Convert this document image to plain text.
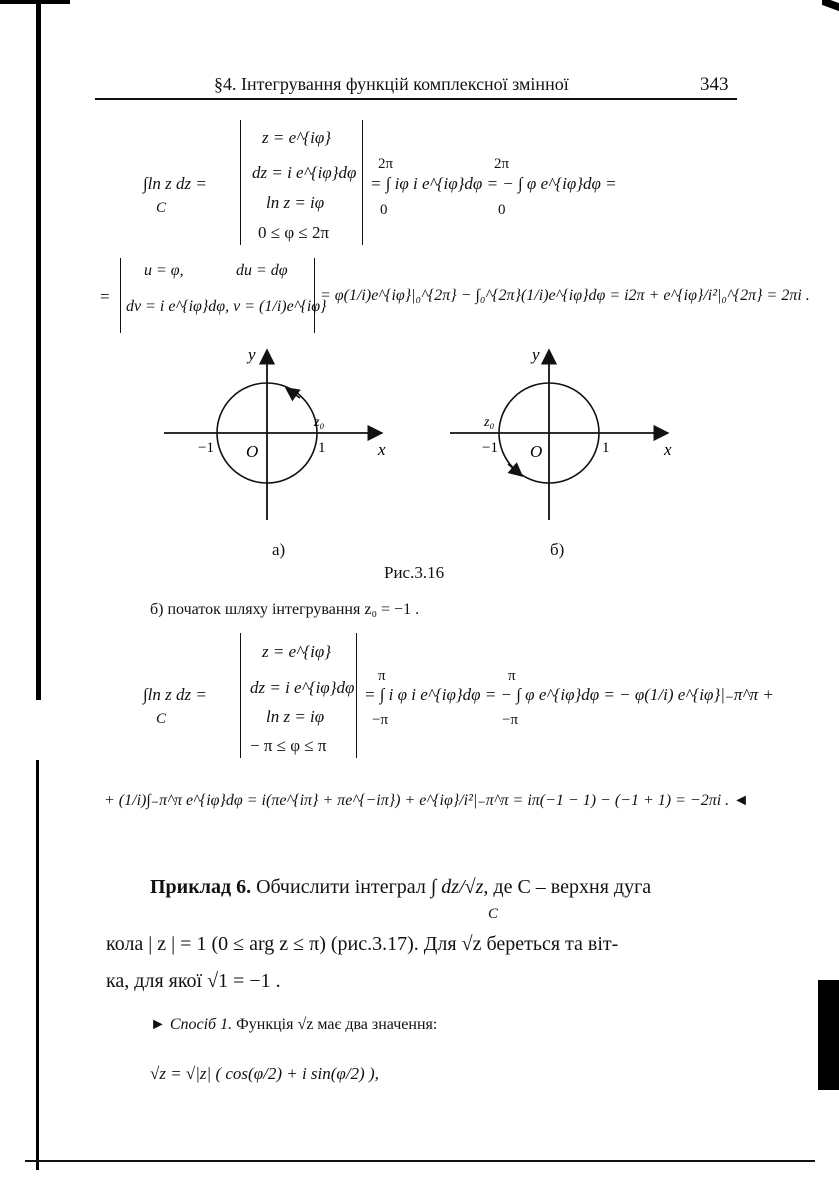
§4. Інтегрування функцій комплексної змінної	343
∫ln z dz =
C
z = e^{iφ}
dz = i e^{iφ}dφ
ln z = iφ
0 ≤ φ ≤ 2π
= ∫ iφ i e^{iφ}dφ = − ∫ φ e^{iφ}dφ =
2π	2π
0	0
=
u = φ,	du = dφ
dv = i e^{iφ}dφ, v = (1/i)e^{iφ}
= φ(1/i)e^{iφ}|₀^{2π} − ∫₀^{2π}(1/i)e^{iφ}dφ = i2π + e^{iφ}/i²|₀^{2π} = 2πi .
y
x
O
−1	1
z₀
y
x
O
−1	1
z₀
а)	б)
Рис.3.16
б) початок шляху інтегрування z₀ = −1 .
∫ln z dz =
C
z = e^{iφ}
dz = i e^{iφ}dφ
ln z = iφ
− π ≤ φ ≤ π
= ∫ i φ i e^{iφ}dφ = − ∫ φ e^{iφ}dφ = − φ(1/i) e^{iφ}|₋π^π +
π	π
−π	−π
+ (1/i)∫₋π^π e^{iφ}dφ = i(πe^{iπ} + πe^{−iπ}) + e^{iφ}/i²|₋π^π = iπ(−1 − 1) − (−1 + 1) = −2πi . ◄
Приклад 6. Обчислити інтеграл ∫ dz/√z, де C – верхня дуга
C
кола | z | = 1 (0 ≤ arg z ≤ π) (рис.3.17). Для √z береться та віт-
ка, для якої √1 = −1 .
► Спосіб 1. Функція √z має два значення:
√z = √|z| ( cos(φ/2) + i sin(φ/2) ),
